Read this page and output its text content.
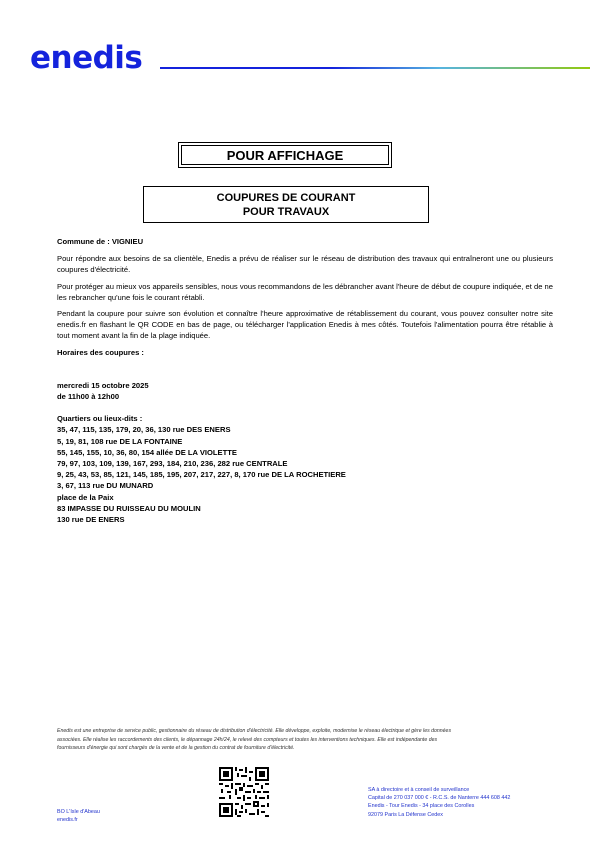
enedis
POUR AFFICHAGE
COUPURES DE COURANT
POUR TRAVAUX

Commune de : VIGNIEU

Pour répondre aux besoins de sa clientèle, Enedis a prévu de réaliser sur le réseau de distribution des travaux qui entraîneront une ou plusieurs coupures d'électricité.

Pour protéger au mieux vos appareils sensibles, nous vous recommandons de les débrancher avant l'heure de début de coupure indiquée, et de ne les rebrancher qu'une fois le courant rétabli.

Pendant la coupure pour suivre son évolution et connaître l'heure approximative de rétablissement du courant, vous pouvez consulter notre site enedis.fr en flashant le QR CODE en bas de page, ou télécharger l'application Enedis à mes côtés. Toutefois l'alimentation pourra être rétablie à tout moment avant la fin de la plage indiquée.

Horaires des coupures :

mercredi 15 octobre 2025
de 11h00 à 12h00
Quartiers ou lieux-dits :
35, 47, 115, 135, 179, 20, 36, 130 rue DES ENERS
5, 19, 81, 108 rue DE LA FONTAINE
55, 145, 155, 10, 36, 80, 154 allée DE LA VIOLETTE
79, 97, 103, 109, 139, 167, 293, 184, 210, 236, 282 rue CENTRALE
9, 25, 43, 53, 85, 121, 145, 185, 195, 207, 217, 227, 8, 170 rue DE LA ROCHETIERE
3, 67, 113 rue DU MUNARD
place de la Paix
83 IMPASSE DU RUISSEAU DU MOULIN
130 rue DE ENERS
Enedis est une entreprise de service public, gestionnaire du réseau de distribution d'électricité. Elle développe, exploite, modernise le réseau électrique et gère les données
associées. Elle réalise les raccordements des clients, le dépannage 24h/24, le relevé des compteurs et toutes les interventions techniques. Elle est indépendante des
fournisseurs d'énergie qui sont chargés de la vente et de la gestion du contrat de fourniture d'électricité.
BO L'Isle d'Abeau
enedis.fr
SA à directoire et à conseil de surveillance
Capital de 270 037 000 € - R.C.S. de Nanterre 444 608 442
Enedis - Tour Enedis - 34 place des Corolles
92079 Paris La Défense Cedex
